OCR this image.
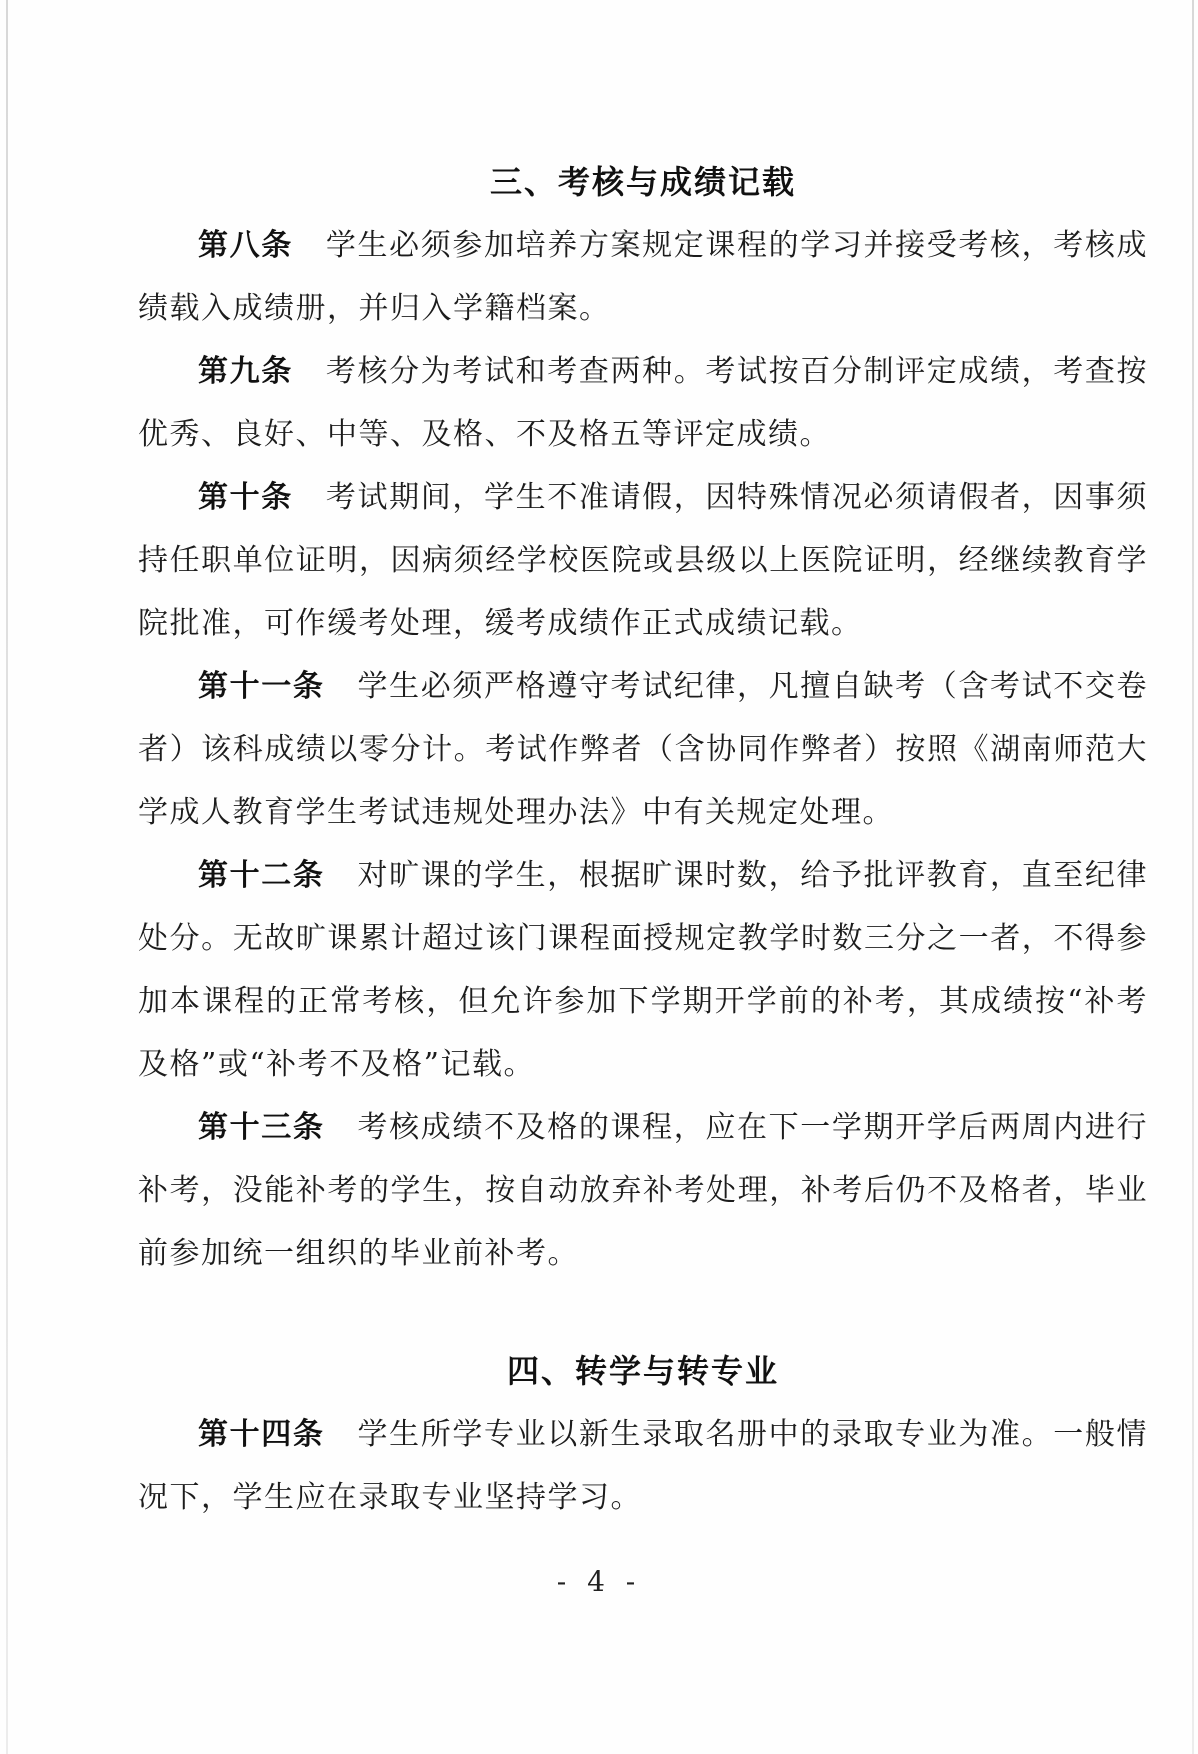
三、考核与成绩记载

第八条 学生必须参加培养方案规定课程的学习并接受考核，考核成绩载入成绩册，并归入学籍档案。

第九条 考核分为考试和考查两种。考试按百分制评定成绩，考查按优秀、良好、中等、及格、不及格五等评定成绩。

第十条 考试期间，学生不准请假，因特殊情况必须请假者，因事须持任职单位证明，因病须经学校医院或县级以上医院证明，经继续教育学院批准，可作缓考处理，缓考成绩作正式成绩记载。

第十一条 学生必须严格遵守考试纪律，凡擅自缺考（含考试不交卷者）该科成绩以零分计。考试作弊者（含协同作弊者）按照《湖南师范大学成人教育学生考试违规处理办法》中有关规定处理。

第十二条 对旷课的学生，根据旷课时数，给予批评教育，直至纪律处分。无故旷课累计超过该门课程面授规定教学时数三分之一者，不得参加本课程的正常考核，但允许参加下学期开学前的补考，其成绩按“补考及格”或“补考不及格”记载。

第十三条 考核成绩不及格的课程，应在下一学期开学后两周内进行补考，没能补考的学生，按自动放弃补考处理，补考后仍不及格者，毕业前参加统一组织的毕业前补考。

四、转学与转专业

第十四条 学生所学专业以新生录取名册中的录取专业为准。一般情况下，学生应在录取专业坚持学习。

- 4 -
